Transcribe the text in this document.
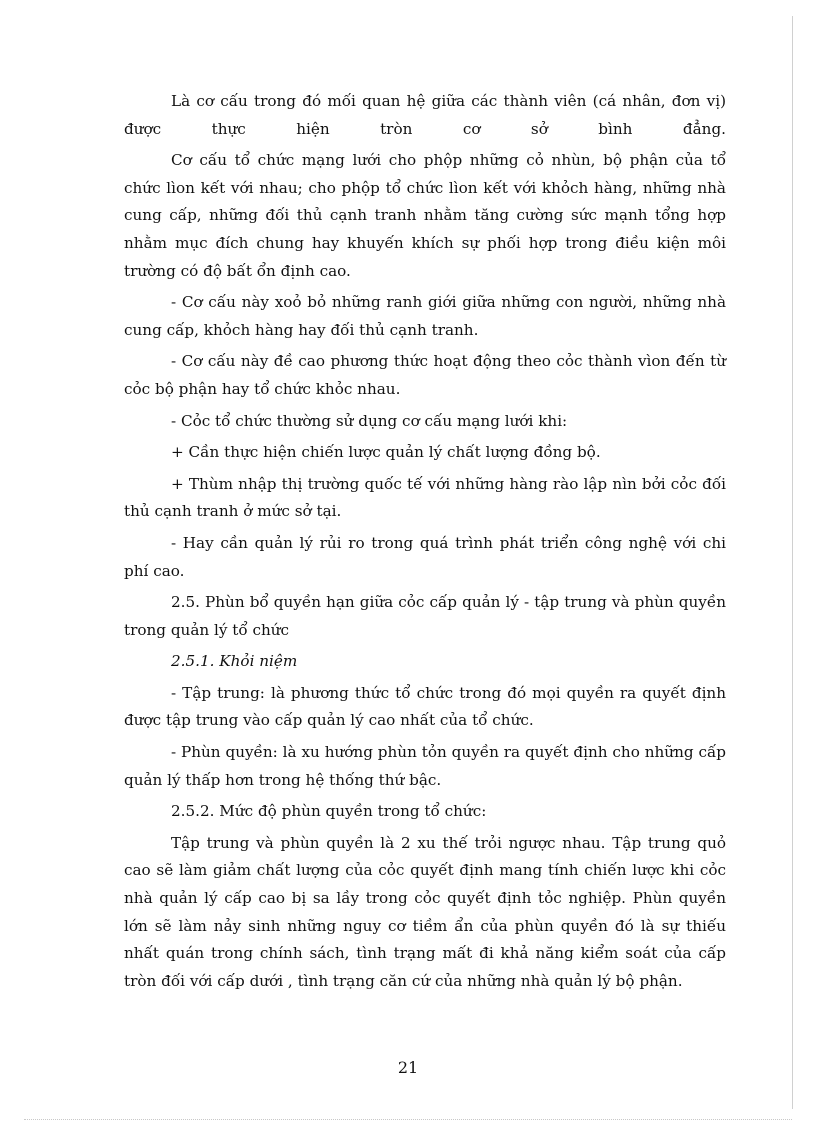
Là cơ cấu trong đó mối quan hệ giữa các thành viên (cá nhân, đơn vị)

được thực hiện tròn cơ sở bình đẳng.

Cơ cấu tổ chức mạng lưới cho phộp những cỏ nhùn, bộ phận của tổ chức lìon kết với nhau; cho phộp tổ chức lìon kết với khỏch hàng, những nhà cung cấp, những đối thủ cạnh tranh nhằm tăng cường sức mạnh tổng hợp nhằm mục đích chung hay khuyến khích sự phối hợp trong điều kiện môi trường có độ bất ổn định cao.

- Cơ cấu này xoỏ bỏ những ranh giới giữa những con người, những nhà cung cấp, khỏch hàng hay đối thủ cạnh tranh.

- Cơ cấu này đề cao phương thức hoạt động theo cỏc thành vìon đến từ cỏc bộ phận hay tổ chức khỏc nhau.

- Cỏc tổ chức thường sử dụng cơ cấu mạng lưới khi:

+ Cần thực hiện chiến lược quản lý chất lượng đồng bộ.

+ Thùm nhập thị trường quốc tế với những hàng rào lập nìn bởi cỏc đối thủ cạnh tranh ở mức sở tại.

- Hay cần quản lý rủi ro trong quá trình phát triển công nghệ với chi phí cao.

2.5. Phùn bổ quyền hạn giữa cỏc cấp quản lý - tập trung và phùn quyền trong quản lý tổ chức

2.5.1. Khỏi niệm

- Tập trung: là phương thức tổ chức trong đó mọi quyền ra quyết định được tập trung vào cấp quản lý cao nhất của tổ chức.

- Phùn quyền: là xu hướng phùn tỏn quyền ra quyết định cho những cấp quản lý thấp hơn trong hệ thống thứ bậc.

2.5.2. Mức độ phùn quyền trong tổ chức:

Tập trung và phùn quyền là 2 xu thế trỏi ngược nhau. Tập trung quỏ cao sẽ làm giảm chất lượng của cỏc quyết định mang tính chiến lược khi cỏc nhà quản lý cấp cao bị sa lầy trong cỏc quyết định tỏc nghiệp. Phùn quyền lớn sẽ làm nảy sinh những nguy cơ tiềm ẩn của phùn quyền đó là sự thiếu nhất quán trong chính sách, tình trạng mất đi khả năng kiểm soát của cấp tròn đối với cấp dưới , tình trạng căn cứ của những nhà quản lý bộ phận.

21
